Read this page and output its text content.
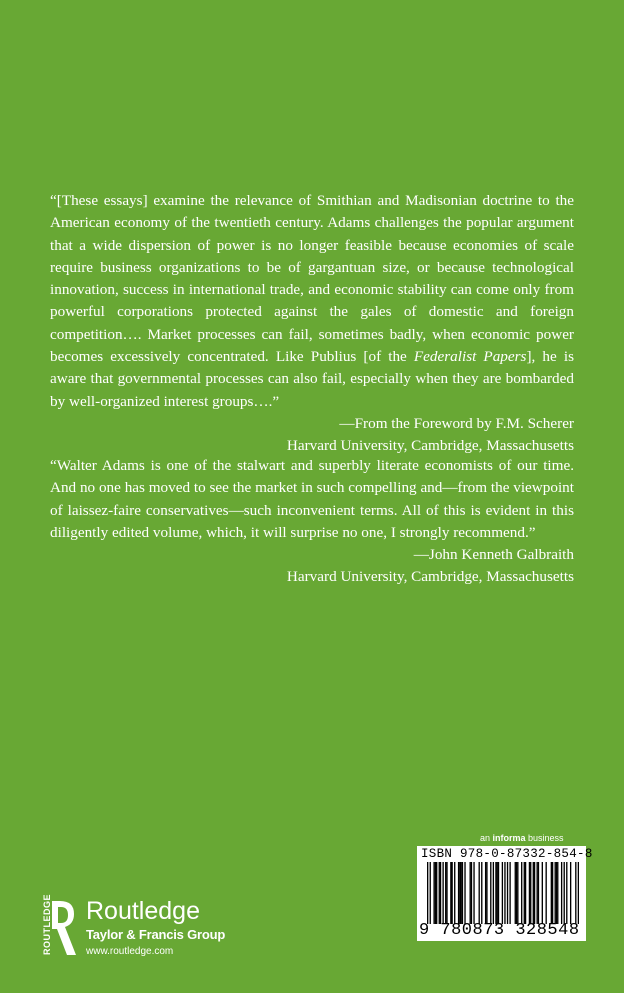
“[These essays] examine the relevance of Smithian and Madisonian doctrine to the American economy of the twentieth century. Adams challenges the popular argument that a wide dispersion of power is no longer feasible because economies of scale require business organizations to be of gargantuan size, or because technological innovation, success in international trade, and economic stability can come only from powerful corporations protected against the gales of domestic and foreign competition…. Market processes can fail, sometimes badly, when economic power becomes excessively concentrated. Like Publius [of the Federalist Papers], he is aware that governmental processes can also fail, especially when they are bombarded by well-organized interest groups….”

—From the Foreword by F.M. Scherer

Harvard University, Cambridge, Massachusetts

“Walter Adams is one of the stalwart and superbly literate economists of our time. And no one has moved to see the market in such compelling and—from the viewpoint of laissez-faire conservatives—such inconvenient terms. All of this is evident in this diligently edited volume, which, it will surprise no one, I strongly recommend.”

—John Kenneth Galbraith

Harvard University, Cambridge, Massachusetts

ROUTLEDGE Routledge
Taylor & Francis Group
www.routledge.com
an informa business
ISBN 978-0-87332-854-8
9 780873 328548
